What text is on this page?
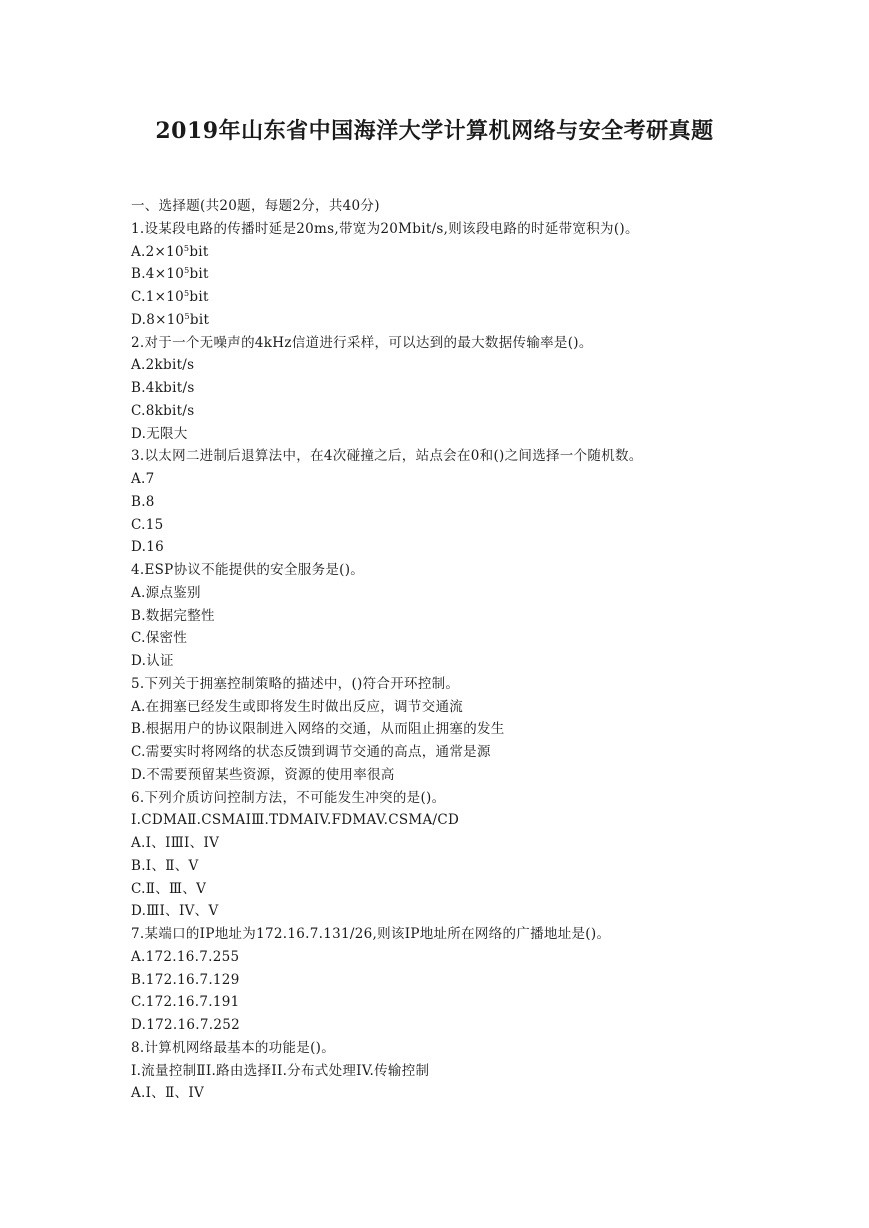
2019年山东省中国海洋大学计算机网络与安全考研真题
一、选择题(共20题，每题2分，共40分)
1.设某段电路的传播时延是20ms,带宽为20Mbit/s,则该段电路的时延带宽积为()。
$A.2\times 10^5bit$
$B.4\times 10^5bit$
$C.1\times 10^5bit$
$D.8\times 10^5bit$
2.对于一个无噪声的4kHz信道进行采样，可以达到的最大数据传输率是()。
A.2kbit/s
B.4kbit/s
C.8kbit/s
D.无限大
3.以太网二进制后退算法中，在4次碰撞之后，站点会在0和()之间选择一个随机数。
A.7
B.8
C.15
D.16
4.ESP协议不能提供的安全服务是()。
A.源点鉴别
B.数据完整性
C.保密性
D.认证
5.下列关于拥塞控制策略的描述中，()符合开环控制。
A.在拥塞已经发生或即将发生时做出反应，调节交通流
B.根据用户的协议限制进入网络的交通，从而阻止拥塞的发生
C.需要实时将网络的状态反馈到调节交通的高点，通常是源
D.不需要预留某些资源，资源的使用率很高
6.下列介质访问控制方法，不可能发生冲突的是()。
I.CDMAⅡ.CSMAⅠⅢ.TDMAIV.FDMAV.CSMA/CD
A.I、IⅢI、IV
B.I、Ⅱ、V
C.Ⅱ、Ⅲ、V
D.ⅢI、IV、V
7.某端口的IP地址为172.16.7.131/26,则该IP地址所在网络的广播地址是()。
A.172.16.7.255
B.172.16.7.129
C.172.16.7.191
D.172.16.7.252
8.计算机网络最基本的功能是()。
I.流量控制ⅡI.路由选择II.分布式处理IV.传输控制
A.I、Ⅱ、IV
